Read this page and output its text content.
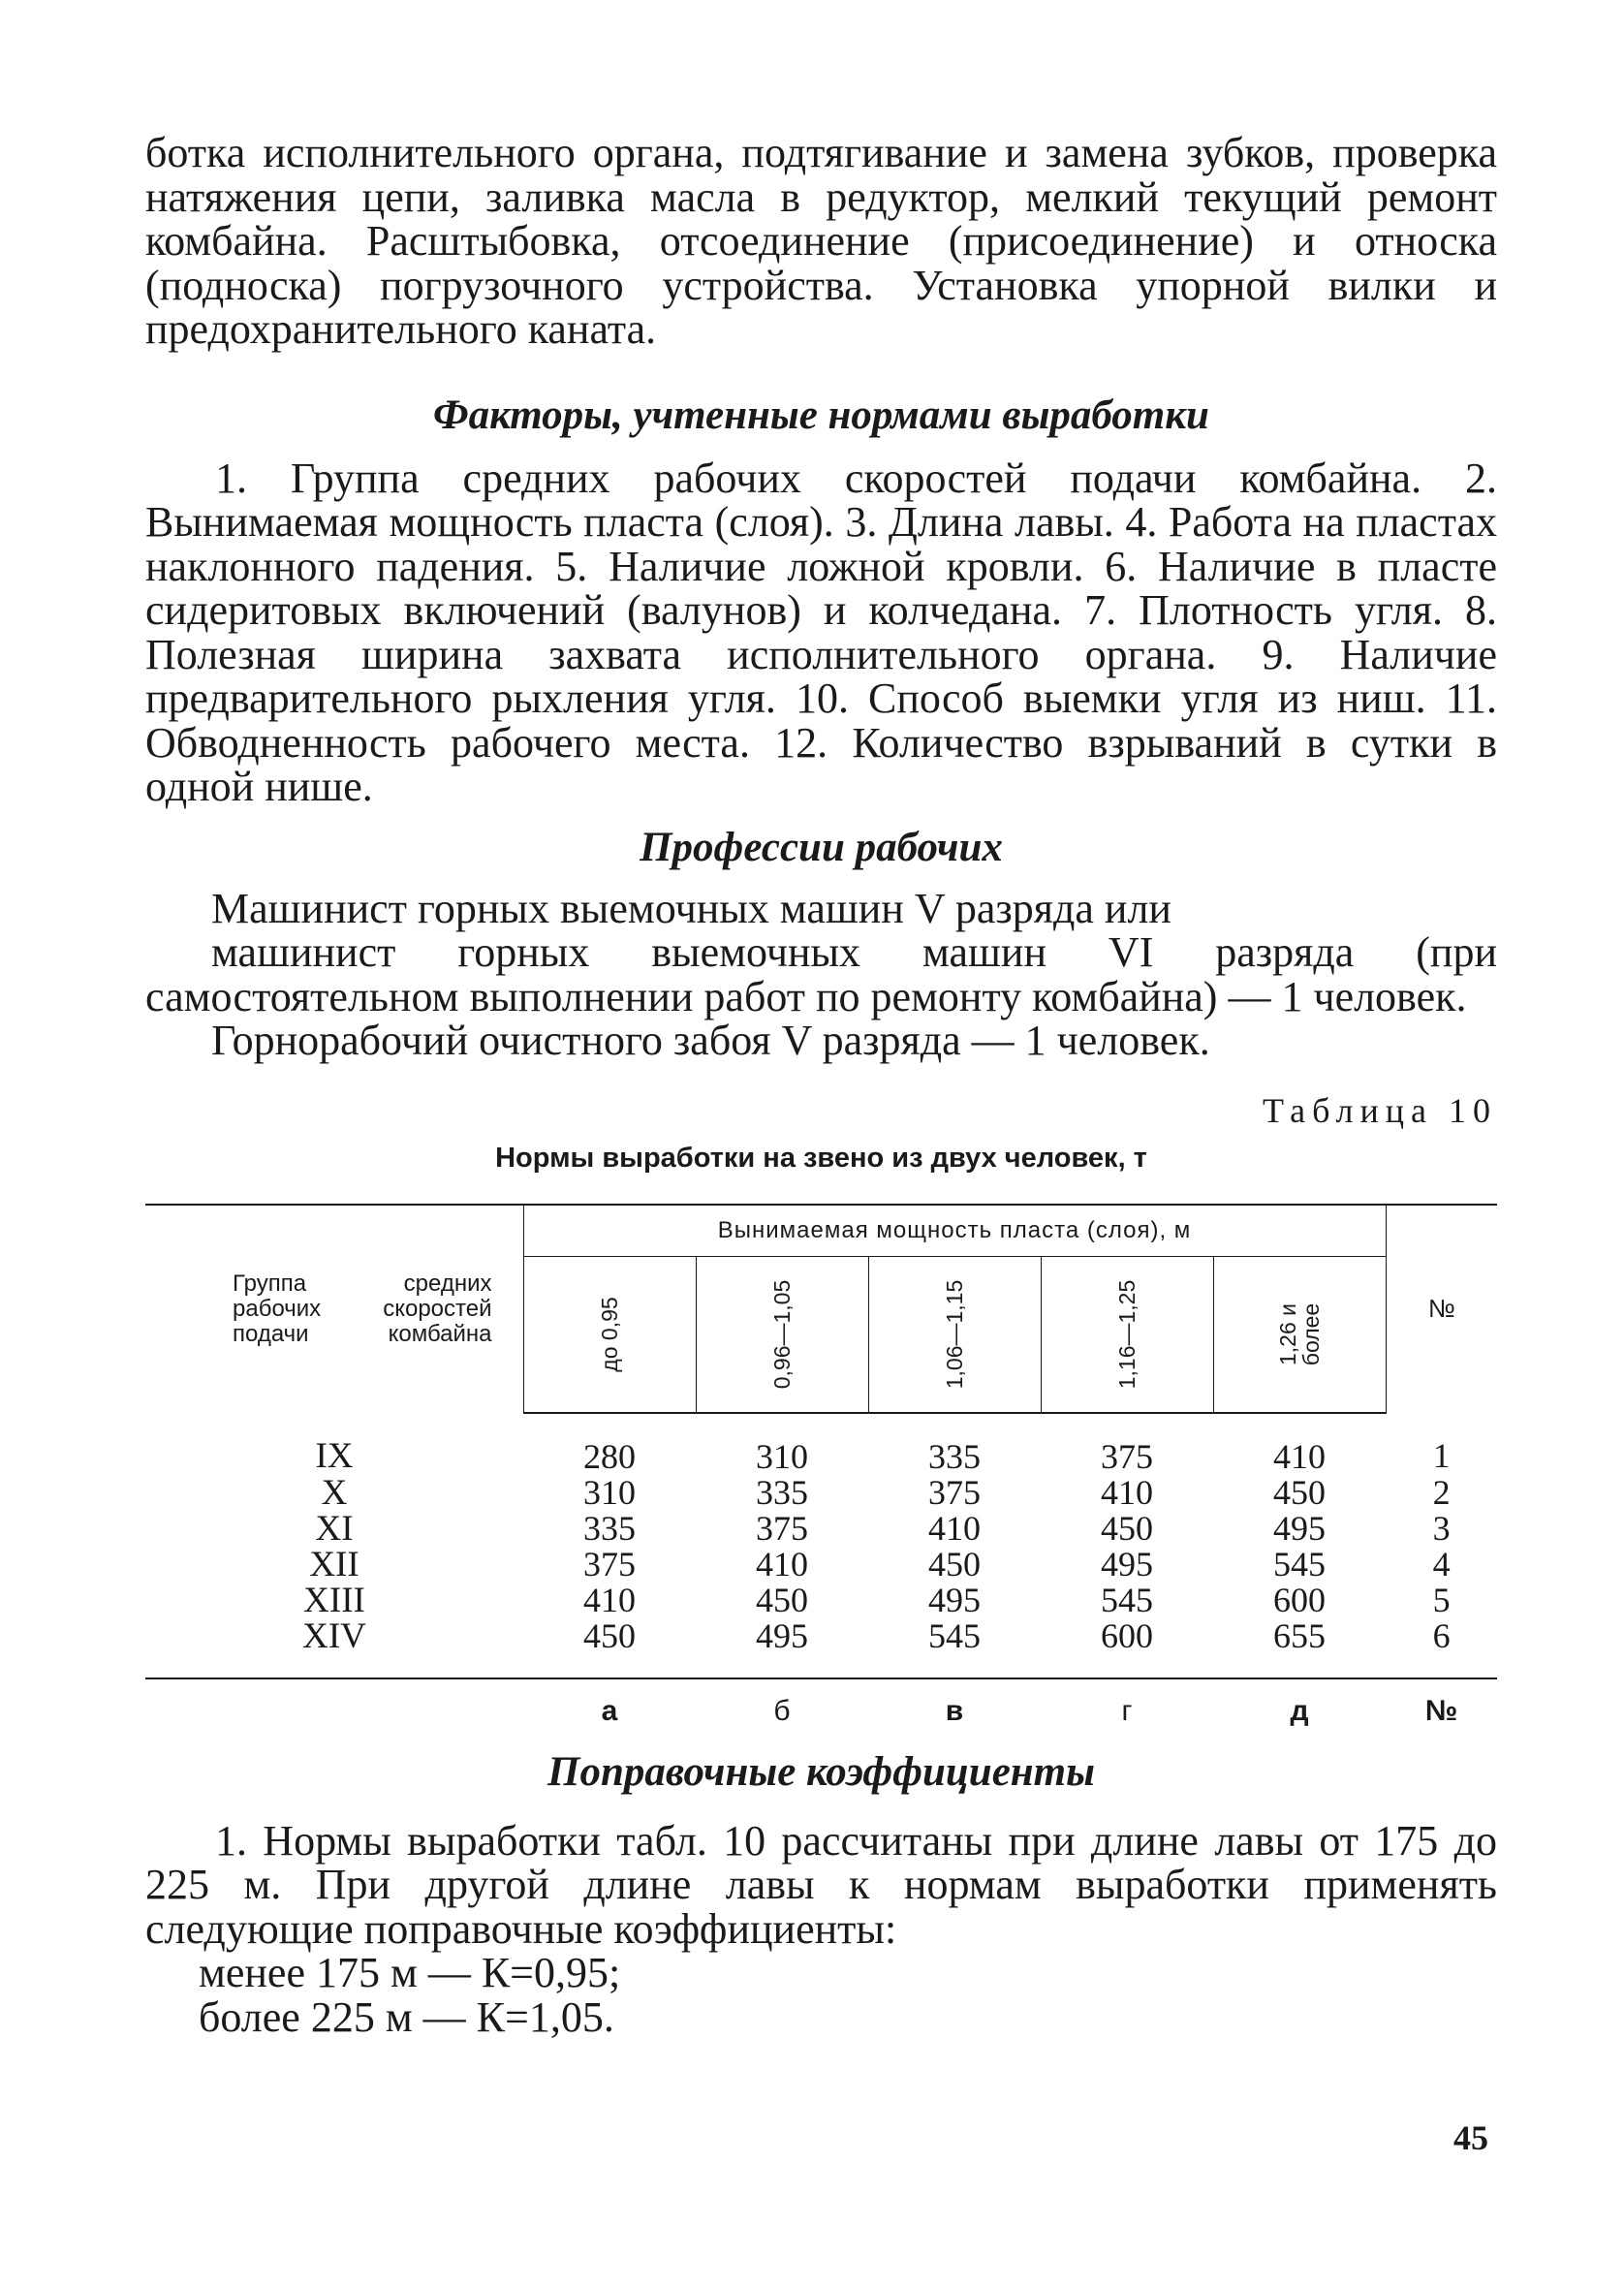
ботка исполнительного органа, подтягивание и замена зубков, проверка натяжения цепи, заливка масла в редуктор, мелкий текущий ремонт комбайна. Расштыбовка, отсоединение (присоединение) и относка (подноска) погрузочного устройства. Установка упорной вилки и предохранительного каната.

Факторы, учтенные нормами выработки

1. Группа средних рабочих скоростей подачи комбайна. 2. Вынимаемая мощность пласта (слоя). 3. Длина лавы. 4. Работа на пластах наклонного падения. 5. Наличие ложной кровли. 6. Наличие в пласте сидеритовых включений (валунов) и колчедана. 7. Плотность угля. 8. Полезная ширина захвата исполнительного органа. 9. Наличие предварительного рыхления угля. 10. Способ выемки угля из ниш. 11. Обводненность рабочего места. 12. Количество взрываний в сутки в одной нише.

Профессии рабочих

Машинист горных выемочных машин V разряда или

машинист горных выемочных машин VI разряда (при самостоятельном выполнении работ по ремонту комбайна) — 1 человек.

Горнорабочий очистного забоя V разряда — 1 человек.

Таблица 10
Нормы выработки на звено из двух человек, т
Группа средних рабочих скоростей подачи комбайна	Вынимаемая мощность пласта (слоя), м					№

	до 0,95	0,96—1,05	1,06—1,15	1,16—1,25	1,26 и более	

IX	280	310	335	375	410	1
X	310	335	375	410	450	2
XI	335	375	410	450	495	3
XII	375	410	450	495	545	4
XIII	410	450	495	545	600	5
XIV	450	495	545	600	655	6
	а	б	в	г	д	№
Поправочные коэффициенты

1. Нормы выработки табл. 10 рассчитаны при длине лавы от 175 до 225 м. При другой длине лавы к нормам выработки применять следующие поправочные коэффициенты:

менее 175 м — К=0,95;

более 225 м — К=1,05.

45
